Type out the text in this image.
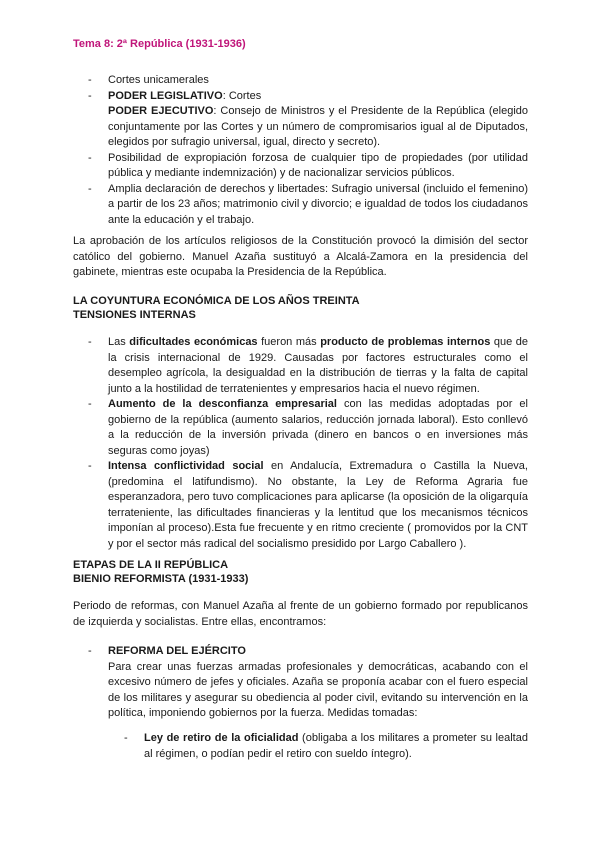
Tema 8: 2ª República (1931-1936)
- Cortes unicamerales
- PODER LEGISLATIVO: Cortes
PODER EJECUTIVO: Consejo de Ministros y el Presidente de la República (elegido conjuntamente por las Cortes y un número de compromisarios igual al de Diputados, elegidos por sufragio universal, igual, directo y secreto).
- Posibilidad de expropiación forzosa de cualquier tipo de propiedades (por utilidad pública y mediante indemnización) y de nacionalizar servicios públicos.
- Amplia declaración de derechos y libertades: Sufragio universal (incluido el femenino) a partir de los 23 años; matrimonio civil y divorcio; e igualdad de todos los ciudadanos ante la educación y el trabajo.
La aprobación de los artículos religiosos de la Constitución provocó la dimisión del sector católico del gobierno. Manuel Azaña sustituyó a Alcalá-Zamora en la presidencia del gabinete, mientras este ocupaba la Presidencia de la República.
LA COYUNTURA ECONÓMICA DE LOS AÑOS TREINTA
TENSIONES INTERNAS
- Las dificultades económicas fueron más producto de problemas internos que de la crisis internacional de 1929. Causadas por factores estructurales como el desempleo agrícola, la desigualdad en la distribución de tierras y la falta de capital junto a la hostilidad de terratenientes y empresarios hacia el nuevo régimen.
- Aumento de la desconfianza empresarial con las medidas adoptadas por el gobierno de la república (aumento salarios, reducción jornada laboral). Esto conllevó a la reducción de la inversión privada (dinero en bancos o en inversiones más seguras como joyas)
- Intensa conflictividad social en Andalucía, Extremadura o Castilla la Nueva, (predomina el latifundismo). No obstante, la Ley de Reforma Agraria fue esperanzadora, pero tuvo complicaciones para aplicarse (la oposición de la oligarquía terrateniente, las dificultades financieras y la lentitud que los mecanismos técnicos imponían al proceso).Esta fue frecuente y en ritmo creciente ( promovidos por la CNT y por el sector más radical del socialismo presidido por Largo Caballero ).
ETAPAS DE LA II REPÚBLICA
BIENIO REFORMISTA (1931-1933)
Periodo de reformas, con Manuel Azaña al frente de un gobierno formado por republicanos de izquierda y socialistas. Entre ellas, encontramos:
- REFORMA DEL EJÉRCITO
Para crear unas fuerzas armadas profesionales y democráticas, acabando con el excesivo número de jefes y oficiales. Azaña se proponía acabar con el fuero especial de los militares y asegurar su obediencia al poder civil, evitando su intervención en la política, imponiendo gobiernos por la fuerza. Medidas tomadas:
- Ley de retiro de la oficialidad (obligaba a los militares a prometer su lealtad al régimen, o podían pedir el retiro con sueldo íntegro).
